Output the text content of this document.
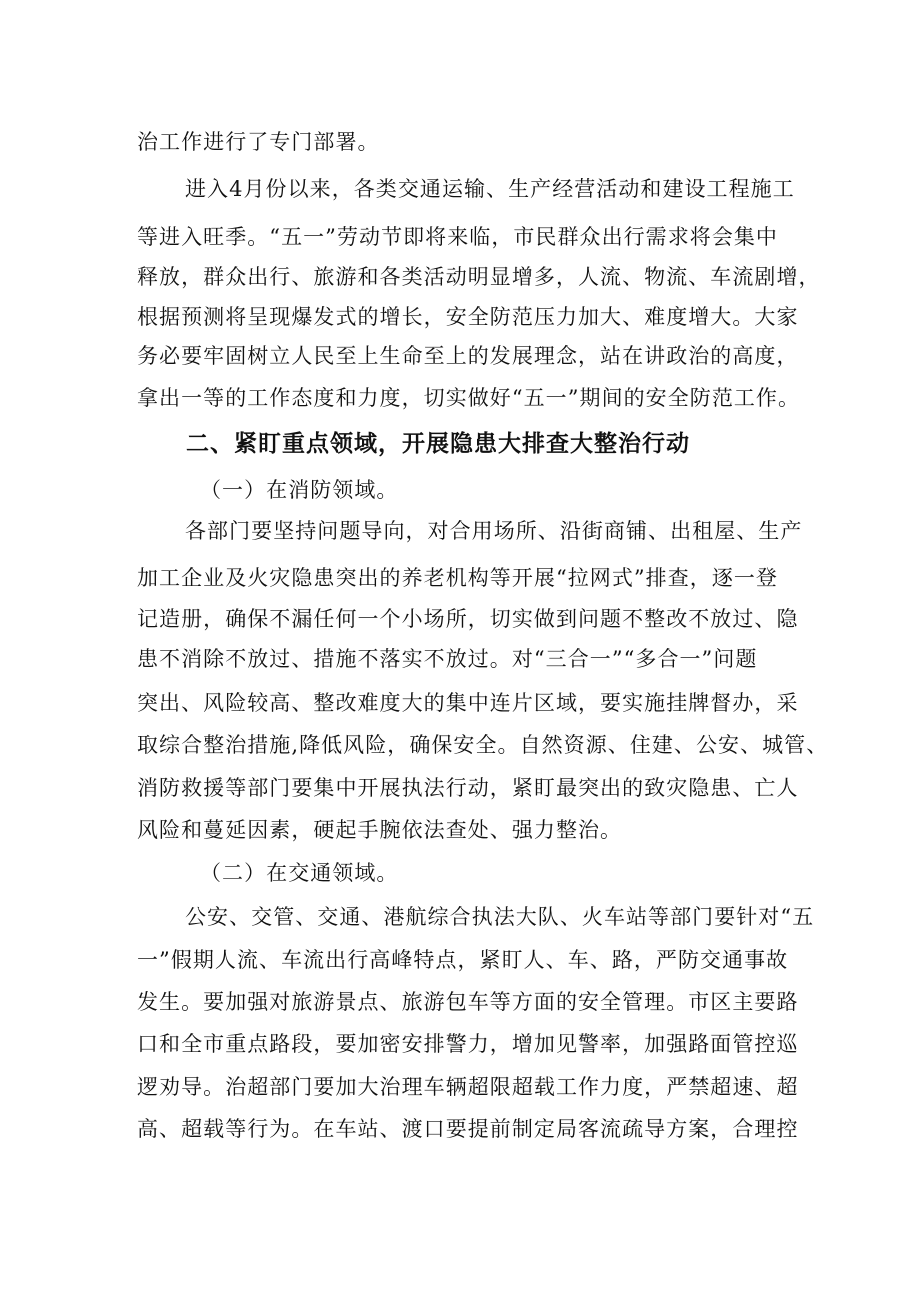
治工作进行了专门部署。
进入4月份以来，各类交通运输、生产经营活动和建设工程施工
等进入旺季。“五一”劳动节即将来临，市民群众出行需求将会集中
释放，群众出行、旅游和各类活动明显增多，人流、物流、车流剧增，
根据预测将呈现爆发式的增长，安全防范压力加大、难度增大。大家
务必要牢固树立人民至上生命至上的发展理念，站在讲政治的高度，
拿出一等的工作态度和力度，切实做好“五一”期间的安全防范工作。
二、紧盯重点领域，开展隐患大排查大整治行动
（一）在消防领域。
各部门要坚持问题导向，对合用场所、沿街商铺、出租屋、生产
加工企业及火灾隐患突出的养老机构等开展“拉网式”排查，逐一登
记造册，确保不漏任何一个小场所，切实做到问题不整改不放过、隐
患不消除不放过、措施不落实不放过。对“三合一”“多合一”问题
突出、风险较高、整改难度大的集中连片区域，要实施挂牌督办，采
取综合整治措施,降低风险，确保安全。自然资源、住建、公安、城管、
消防救援等部门要集中开展执法行动，紧盯最突出的致灾隐患、亡人
风险和蔓延因素，硬起手腕依法查处、强力整治。
（二）在交通领域。
公安、交管、交通、港航综合执法大队、火车站等部门要针对“五
一”假期人流、车流出行高峰特点，紧盯人、车、路，严防交通事故
发生。要加强对旅游景点、旅游包车等方面的安全管理。市区主要路
口和全市重点路段，要加密安排警力，增加见警率，加强路面管控巡
逻劝导。治超部门要加大治理车辆超限超载工作力度，严禁超速、超
高、超载等行为。在车站、渡口要提前制定局客流疏导方案，合理控
